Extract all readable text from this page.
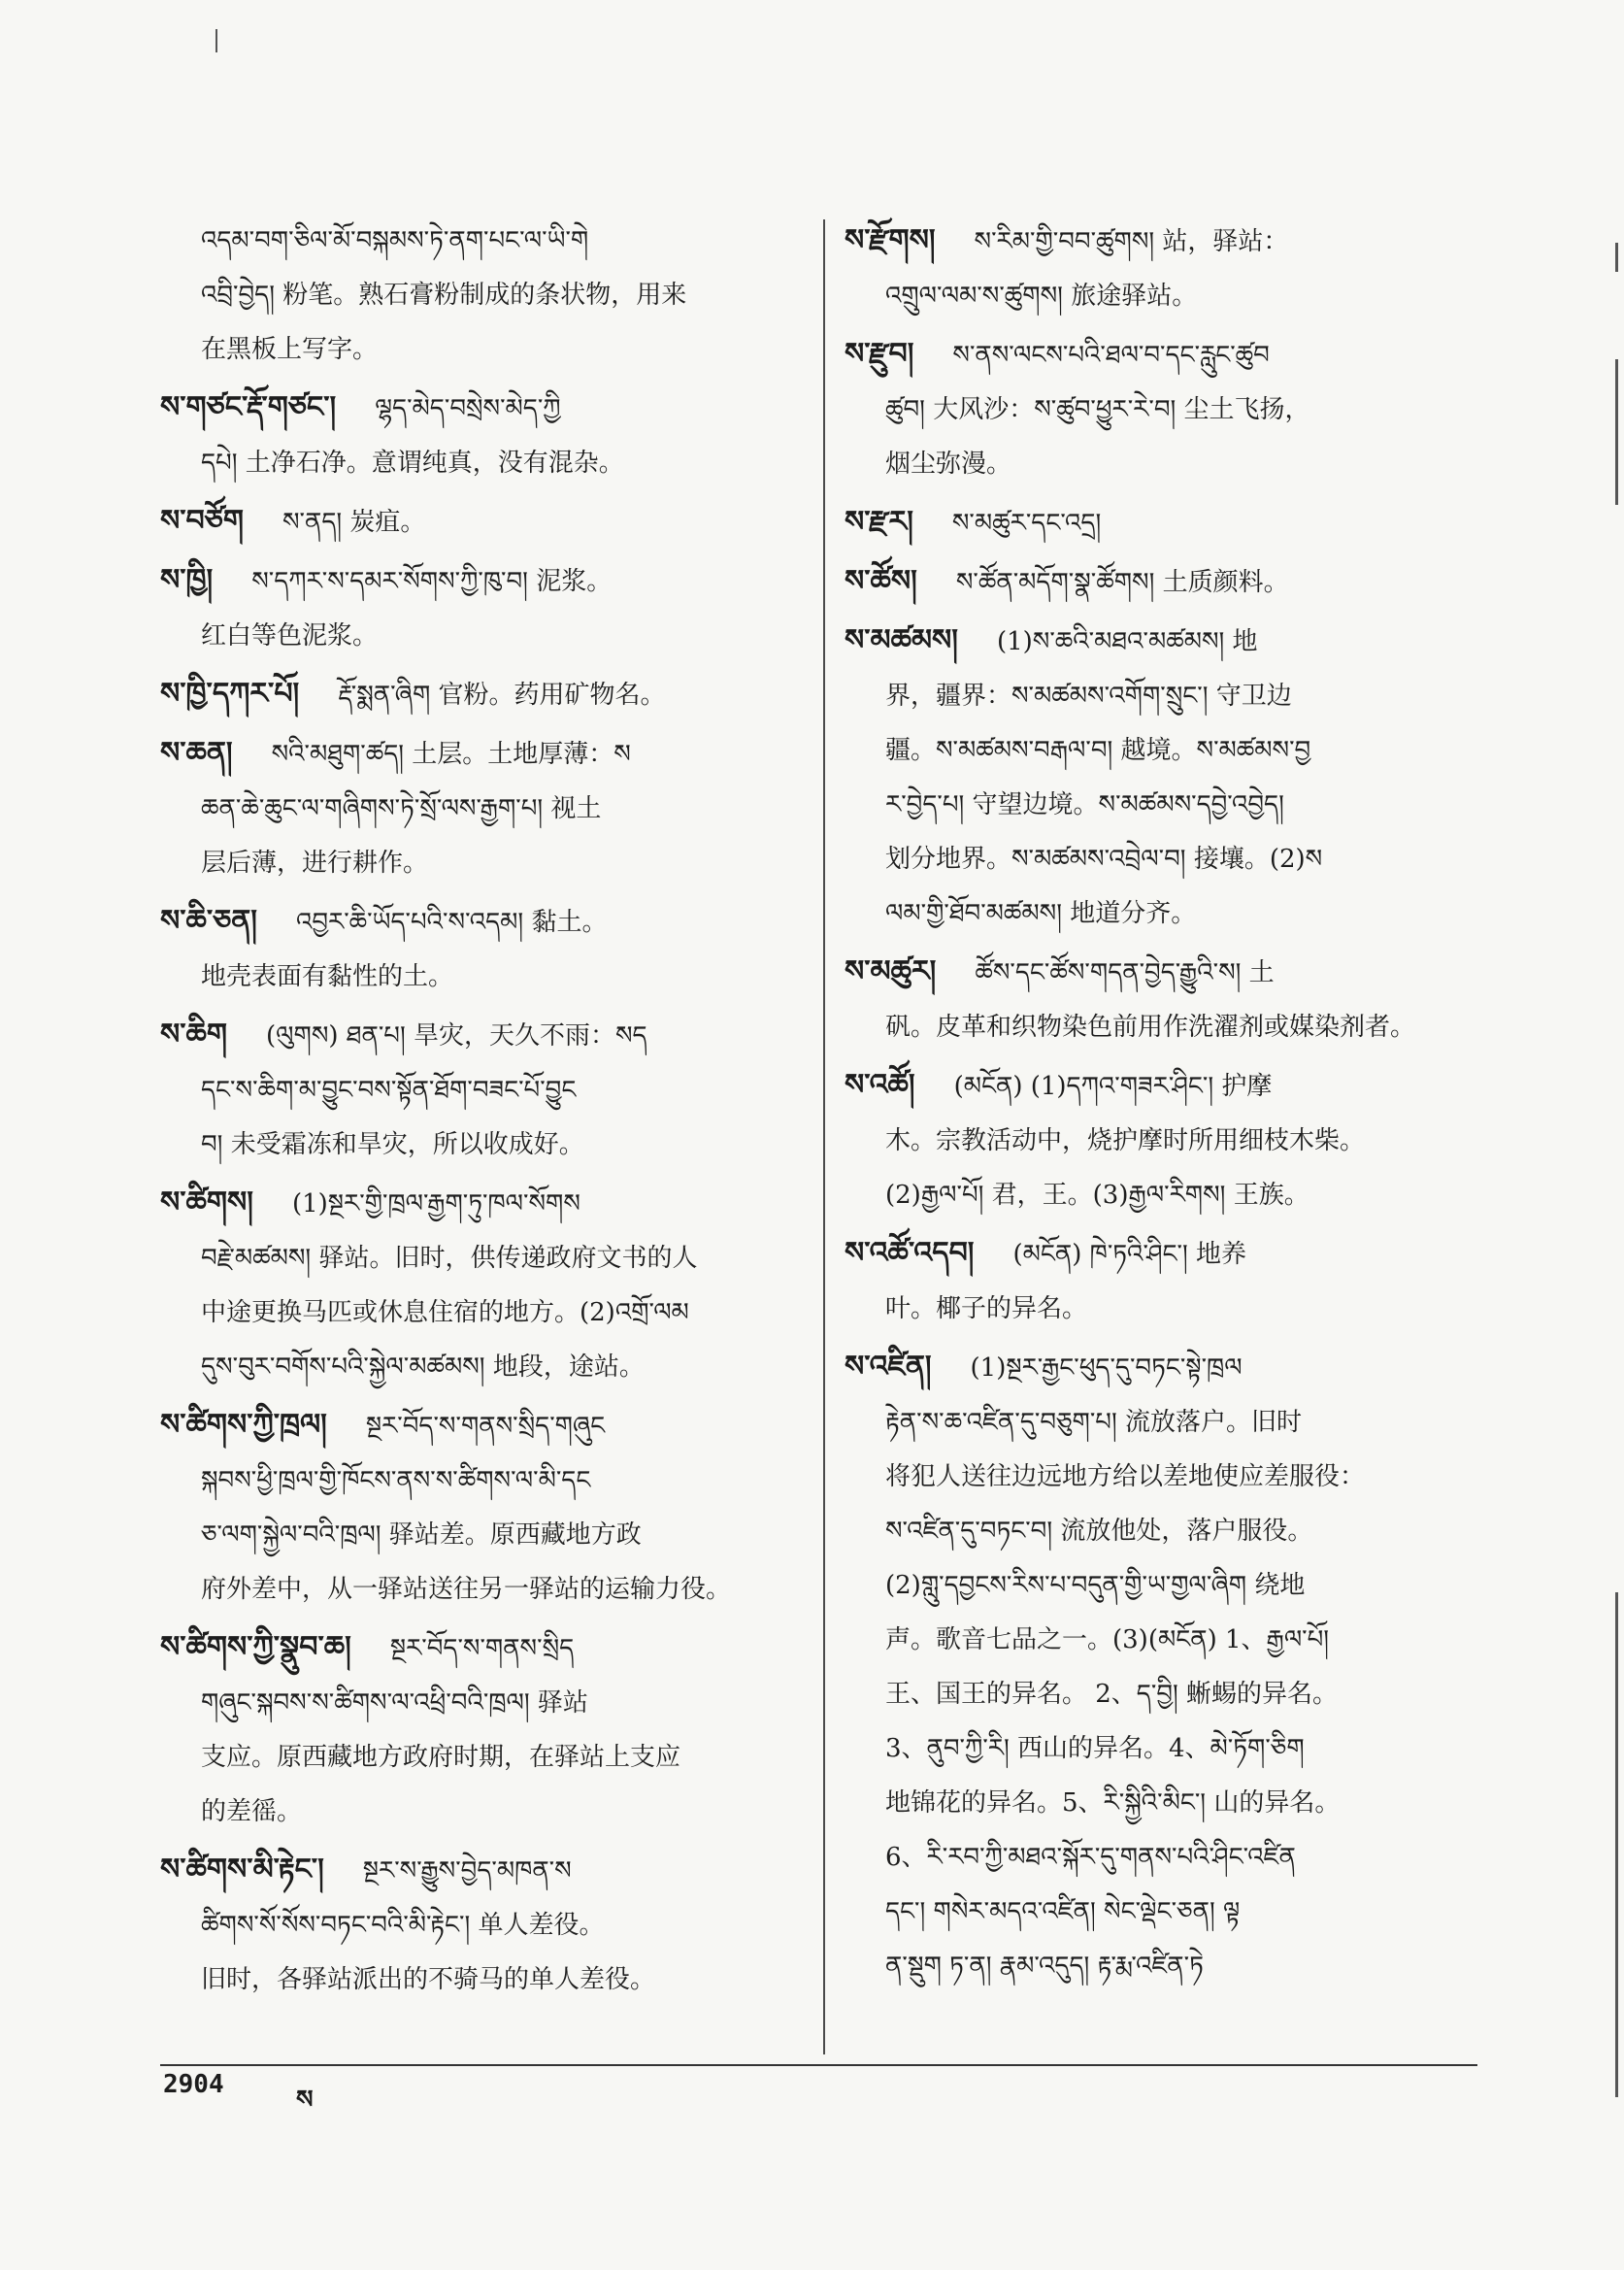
འདམ་བག་ཅིལ་མོ་བསྐམས་ཏེ་ནག་པང་ལ་ཡི་གེ

འབྲི་བྱེད། 粉笔。熟石膏粉制成的条状物，用来

在黑板上写字。

ས་གཙང་རྡོ་གཙང་། ལྷད་མེད་བསྲེས་མེད་ཀྱི

དཔེ། 土净石净。意谓纯真，没有混杂。

ས་བཙོག ས་ནད། 炭疽。

ས་ཁྱི། ས་དཀར་ས་དམར་སོགས་ཀྱི་ཁུ་བ། 泥浆。

红白等色泥浆。

ས་ཁྱི་དཀར་པོ། རྡོ་སྨན་ཞིག 官粉。药用矿物名。

ས་ཆན། སའི་མཐུག་ཚད། 土层。土地厚薄：ས

ཆན་ཆེ་ཆུང་ལ་གཞིགས་ཏེ་སྲོ་ལས་རྒྱག་པ། 视土

层后薄，进行耕作。

ས་ཆི་ཅན། འབྱར་ཆི་ཡོད་པའི་ས་འདམ། 黏土。

地壳表面有黏性的土。

ས་ཆིག (ལུགས) ཐན་པ། 旱灾，天久不雨：སད

དང་ས་ཆིག་མ་བྱུང་བས་སྟོན་ཐོག་བཟང་པོ་བྱུང

བ། 未受霜冻和旱灾，所以收成好。

ས་ཚིགས། (1)སྔར་གྱི་ཁྲལ་རྒྱག་ཏུ་ཁལ་སོགས

བརྗེ་མཚམས། 驿站。旧时，供传递政府文书的人

中途更换马匹或休息住宿的地方。(2)འགྲོ་ལམ

དུས་བུར་བགོས་པའི་སྐྱེལ་མཚམས། 地段，途站。

ས་ཚིགས་ཀྱི་ཁྲལ། སྔར་བོད་ས་གནས་སྲིད་གཞུང

སྐབས་ཕྱི་ཁྲལ་གྱི་ཁོངས་ནས་ས་ཚིགས་ལ་མི་དང

ཅ་ལག་སྐྱེལ་བའི་ཁྲལ། 驿站差。原西藏地方政

府外差中，从一驿站送往另一驿站的运输力役。

ས་ཚིགས་ཀྱི་སྣུབ་ཆ། སྔར་བོད་ས་གནས་སྲིད

གཞུང་སྐབས་ས་ཚིགས་ལ་འཕྲི་བའི་ཁྲལ། 驿站

支应。原西藏地方政府时期，在驿站上支应

的差徭。

ས་ཚིགས་མི་རྟེང་། སྔར་ས་རྒྱུས་བྱེད་མཁན་ས

ཚིགས་སོ་སོས་བཏང་བའི་མི་རྟེང་། 单人差役。

旧时，各驿站派出的不骑马的单人差役。

ས་རྫོགས། ས་རིམ་གྱི་བབ་ཚུགས། 站，驿站：

འགྲུལ་ལམ་ས་ཚུགས། 旅途驿站。

ས་རྫུབ། ས་ནས་ལངས་པའི་ཐལ་བ་དང་རླུང་ཚུབ

ཚུབ། 大风沙：ས་ཚུབ་ཕྱུར་རེ་བ། 尘土飞扬，

烟尘弥漫。

ས་རྫར། ས་མཚུར་དང་འདྲ།

ས་ཚོས། ས་ཚོན་མདོག་སྣ་ཚོགས། 土质颜料。

ས་མཚམས། (1)ས་ཆའི་མཐའ་མཚམས། 地

界，疆界：ས་མཚམས་འགོག་སྲུང་། 守卫边

疆。ས་མཚམས་བརྒལ་བ། 越境。ས་མཚམས་བྱ

ར་བྱེད་པ། 守望边境。ས་མཚམས་དབྱེ་འབྱེད།

划分地界。ས་མཚམས་འབྲེལ་བ། 接壤。(2)ས

ལམ་གྱི་ཐོབ་མཚམས། 地道分齐。

ས་མཚུར། ཚོས་དང་ཚོས་གདན་བྱེད་རྒྱུའི་ས། 土

矾。皮革和织物染色前用作洗濯剂或媒染剂者。

ས་འཚོ། (མངོན) (1)དཀའ་གཟར་ཤིང་། 护摩

木。宗教活动中，烧护摩时所用细枝木柴。

(2)རྒྱལ་པོ། 君，王。(3)རྒྱལ་རིགས། 王族。

ས་འཚོ་འདབ། (མངོན) ཁེ་ཏའི་ཤིང་། 地养

叶。椰子的异名。

ས་འཛིན། (1)སྔར་རྒྱང་ཕུད་དུ་བཏང་སྟེ་ཁྲལ

རྟེན་ས་ཆ་འཛིན་དུ་བཅུག་པ། 流放落户。旧时

将犯人送往边远地方给以差地使应差服役：

ས་འཛིན་དུ་བཏང་བ། 流放他处，落户服役。

(2)གླུ་དབྱངས་རིས་པ་བདུན་གྱི་ཡ་གྱལ་ཞིག 绕地

声。歌音七品之一。(3)(མངོན) 1、རྒྱལ་པོ།

王、国王的异名。 2、ད་བྱི། 蜥蜴的异名。

3、ནུབ་ཀྱི་རི། 西山的异名。4、མེ་ཏོག་ཅིག

地锦花的异名。5、རི་སྐྱིའི་མིང་། 山的异名。

6、རི་རབ་ཀྱི་མཐའ་སྐོར་དུ་གནས་པའི་ཤིང་འཛིན

དང་། གསེར་མདའ་འཛིན། སེང་ལྡེང་ཅན། ལྟ

ན་སྡུག ཏ་ན། རྣམ་འདུད། རྟ་རྨ་འཛིན་ཏེ

2904
ས
